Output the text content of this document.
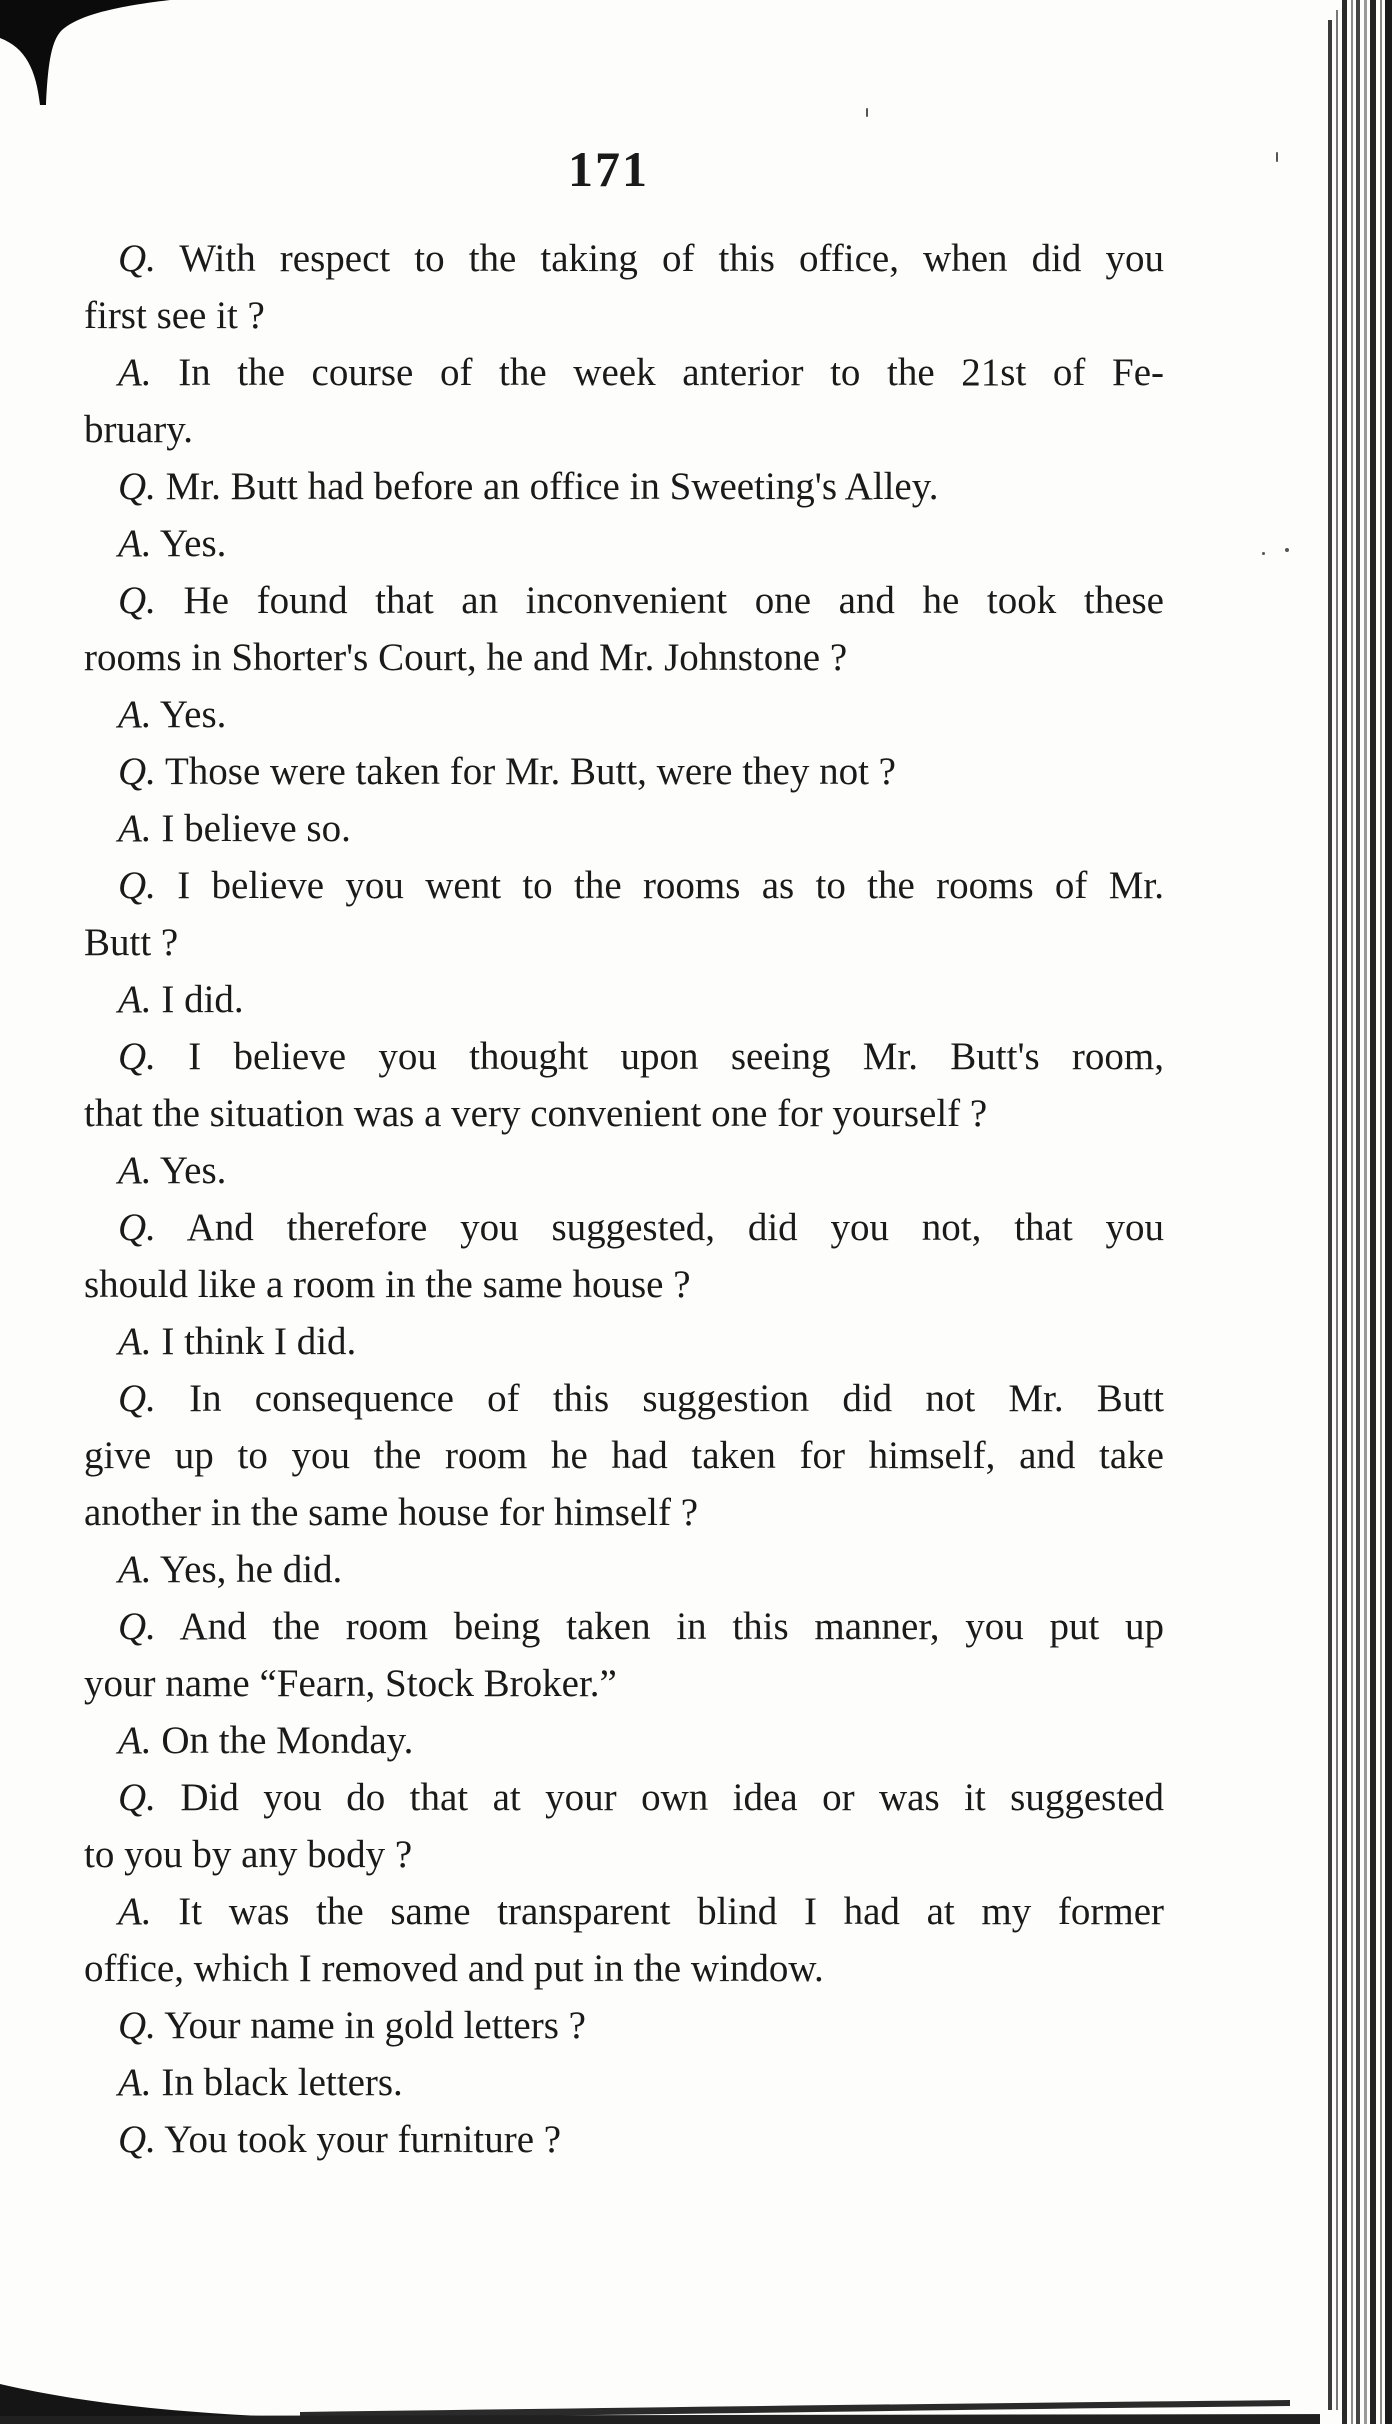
171
Q. With respect to the taking of this office, when did you
first see it ?
A. In the course of the week anterior to the 21st of Fe-
bruary.
Q. Mr. Butt had before an office in Sweeting's Alley.
A. Yes.
Q. He found that an inconvenient one and he took these
rooms in Shorter's Court, he and Mr. Johnstone ?
A. Yes.
Q. Those were taken for Mr. Butt, were they not ?
A. I believe so.
Q. I believe you went to the rooms as to the rooms of Mr.
Butt ?
A. I did.
Q. I believe you thought upon seeing Mr. Butt's room,
that the situation was a very convenient one for yourself ?
A. Yes.
Q. And therefore you suggested, did you not, that you
should like a room in the same house ?
A. I think I did.
Q. In consequence of this suggestion did not Mr. Butt
give up to you the room he had taken for himself, and take
another in the same house for himself ?
A. Yes, he did.
Q. And the room being taken in this manner, you put up
your name “Fearn, Stock Broker.”
A. On the Monday.
Q. Did you do that at your own idea or was it suggested
to you by any body ?
A. It was the same transparent blind I had at my former
office, which I removed and put in the window.
Q. Your name in gold letters ?
A. In black letters.
Q. You took your furniture ?
